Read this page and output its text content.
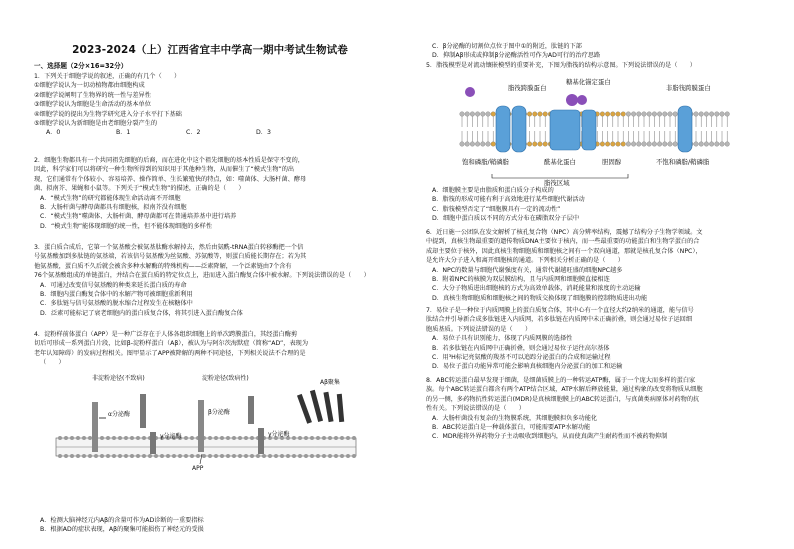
2023-2024（上）江西省宜丰中学高一期中考试生物试卷
一、选择题（2分×16=32分）
1．下列关于细胞学说的叙述，正确的有几个（　　）
①细胞学说认为一切动植物都由细胞构成
②细胞学说阐明了生物界的统一性与差异性
③细胞学说认为细胞是生命活动的基本单位
④细胞学说的提出为生物学研究进入分子水平打下基础
⑤细胞学说认为新细胞是由老细胞分裂产生的
A．0	B．1	C．2	D．3
2．细胞生物都具有一个共同祖先细胞的后裔，而在进化中这个祖先细胞的基本性质是保守不变的，
因此，科学家们可以将研究一种生物所得到的知识用于其他种生物，从而催生了“模式生物”的出
现，它们通常有个体较小、容易培养、操作简单、生长繁殖快的特点，如：噬菌体、大肠杆菌、酵母
菌、拟南芥、果蝇和小鼠等。下列关于“模式生物”的描述，正确的是（　　）
A．“模式生物”的研究都能体现生命活动离不开细胞
B．大肠杆菌与酵母菌都具有细胞核，拟南芥没有细胞
C．“模式生物”噬菌体、大肠杆菌、酵母菌都可在普通培养基中进行培养
D．“模式生物”能体现细胞的统一性，但不能体现细胞的多样性
3．蛋白质合成后，它第一个氨基酸会被氨基肽酶水解掉去，然后由氨酰-tRNA蛋白转移酶把一个信
号氨基酸加到多肽链的氨基端，若该信号氨基酸为丝氨酸、苏氨酸等，则蛋白质能长期存在；若为其
他氨基酸，蛋白质不久后就会被含多种水解酶的特殊机构——泛素降解，一个泛素链由7个含有
76个氨基酸组成的单链蛋白，并结合在蛋白质的特定位点上，进而进入蛋白酶复合体中被水解。下列说法错误的是（　　）
A．可通过改变信号氨基酸的种类来延长蛋白质的寿命
B．细胞内蛋白酶复合体中的水解产物可被细胞重新利用
C．多肽链与信号氨基酸的脱水缩合过程发生在核糖体中
D．泛素可能标记了衰老细胞内的蛋白质复合体，将其引进入蛋白酶复合体
4．淀粉样前体蛋白（APP）是一种广泛存在于人体各组织细胞上的单次跨膜蛋白，其经蛋白酶剪
切后可形成一系列蛋白片段，比如β-淀粉样蛋白（Aβ），被认为与阿尔茨海默症（简称“AD”，表现为
老年认知障碍）的发病过程相关。图甲显示了APP被降解的两种不同途径，下列相关说法不合理的是
（　　）
非淀粉途径(不致病)	淀粉途径(致病性)
α分泌酶
γ分泌酶
β分泌酶
γ分泌酶
Aβ聚集
APP
A．检测大脑神经元内Aβ的含量可作为AD诊断的一重要指标
B．根据AD的症状表现，Aβ的聚集可能损伤了神经元的受损
C．β分泌酶的切割位点位于图中①的附近，肽链的下部
D．抑制Aβ形成或抑制β分泌酶活性可作为AD可行的治疗思路
5．脂筏模型是对流动镶嵌模型的重要补充，下图为脂筏的结构示意图。下列说法错误的是（　　）
脂筏跨膜蛋白
糖基化锚定蛋白
非脂筏跨膜蛋白
饱和磷脂/鞘磷脂	酰基化蛋白	胆固醇	不饱和磷脂/鞘磷脂
脂筏区域
A．细胞膜主要是由脂质和蛋白质分子构成的
B．脂筏的形成可能有利于高效地进行某些细胞代谢活动
C．脂筏模型否定了“细胞膜具有一定的流动性”
D．细胞中蛋白质以不同的方式分布在磷脂双分子层中
6．近日施一公团队在发文解析了核孔复合物（NPC）高分辨率结构，震撼了结构分子生物学领域。文
中提到，真核生物最重要的遗传物质DNA主要位于核内，而一些最重要的功能蛋白和生物学蛋白的合
成却主要位于核外，因此真核生物细胞质和细胞核之间有一个双向通道，那就是核孔复合体（NPC），
是允许大分子进入和离开细胞核的通道。下列相关分析正确的是（　　）
A．NPC的数量与细胞代谢强度有关，通常代谢越旺盛的细胞NPC越多
B．附着NPC的核膜为双层膜结构，且与内质网和细胞膜直接相连
C．大分子物质进出细胞核的方式为高效单载体，消耗能量和浓度的主动运输
D．真核生物细胞质和细胞核之间的物质交换体现了细胞膜的控制物质进出功能
7．易位子是一种位于内质网膜上的蛋白质复合体，其中心有一个直径大约2纳米的通道，能与信号
肽结合并引导新合成多肽链进入内质网，若多肽链在内质网中未正确折叠，则会通过易位子运回细
胞质基质。下列说法错误的是（　　）
A．易位子具有识别能力，体现了内质网膜的选择性
B．若多肽链在内质网中正确折叠，则会通过易位子运往高尔基体
C．用³H标记亮氨酸的羧基不可以追踪分泌蛋白的合成和运输过程
D．易位子蛋白功能异常可能会影响真核细胞内分泌蛋白的加工和运输
8．ABC转运蛋白最早发现于细菌，是细菌质膜上的一种转运ATP酶，属于一个庞大而多样的蛋白家
族。每个ABC转运蛋白都含有两个ATP结合区域，ATP水解后释放能量，通过构象的改变将物质从细胞
的另一侧，多药物抗性转运蛋白(MDR)是真核细胞膜上的ABC转运蛋白，与真菌类病原体对药物的抗
性有关。下列说法错误的是（　　）
A．大肠杆菌没有复杂的生物膜系统，其细胞膜担负多功能化
B．ABC转运蛋白是一种载体蛋白，可能需要ATP水解功能
C．MDR能将外界药物分子主动吸收到细胞内，从而使真菌产生耐药性而不被药物抑制
